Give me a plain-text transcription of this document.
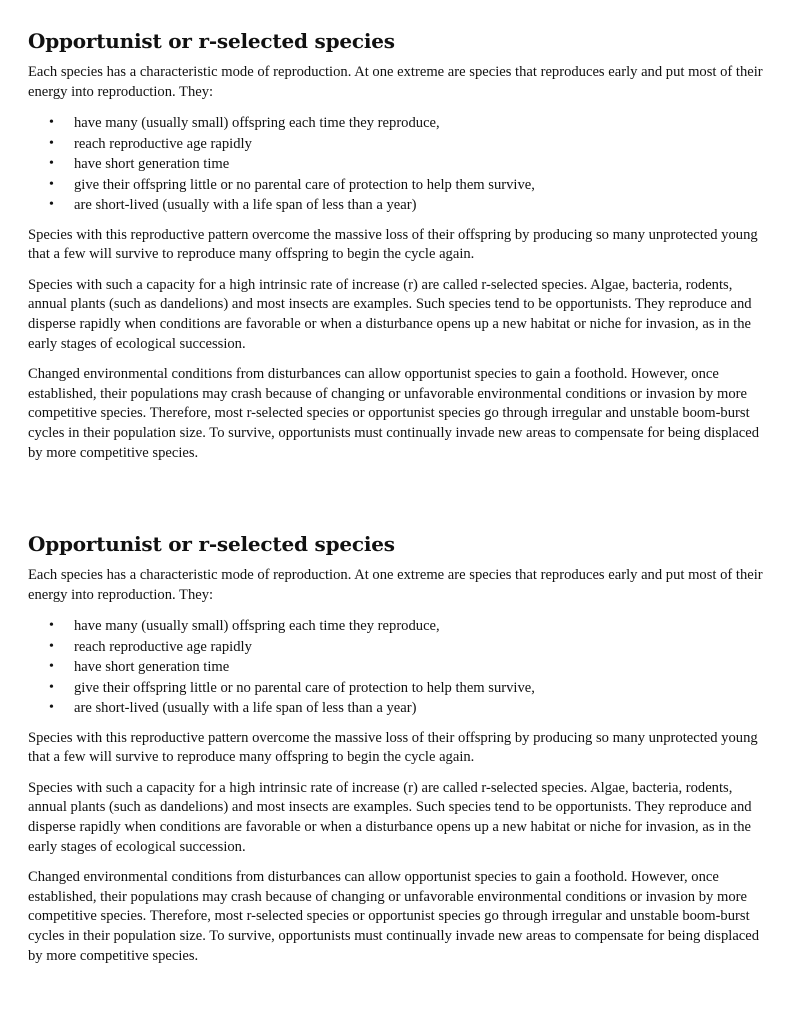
Opportunist or r-selected species

Each species has a characteristic mode of reproduction. At one extreme are species that reproduces early and put most of their energy into reproduction. They:

• have many (usually small) offspring each time they reproduce,
• reach reproductive age rapidly
• have short generation time
• give their offspring little or no parental care of protection to help them survive,
• are short-lived (usually with a life span of less than a year)

Species with this reproductive pattern overcome the massive loss of their offspring by producing so many unprotected young that a few will survive to reproduce many offspring to begin the cycle again.

Species with such a capacity for a high intrinsic rate of increase (r) are called r-selected species. Algae, bacteria, rodents, annual plants (such as dandelions) and most insects are examples. Such species tend to be opportunists. They reproduce and disperse rapidly when conditions are favorable or when a disturbance opens up a new habitat or niche for invasion, as in the early stages of ecological succession.

Changed environmental conditions from disturbances can allow opportunist species to gain a foothold. However, once established, their populations may crash because of changing or unfavorable environmental conditions or invasion by more competitive species. Therefore, most r-selected species or opportunist species go through irregular and unstable boom-burst cycles in their population size. To survive, opportunists must continually invade new areas to compensate for being displaced by more competitive species.

Opportunist or r-selected species

Each species has a characteristic mode of reproduction. At one extreme are species that reproduces early and put most of their energy into reproduction. They:

• have many (usually small) offspring each time they reproduce,
• reach reproductive age rapidly
• have short generation time
• give their offspring little or no parental care of protection to help them survive,
• are short-lived (usually with a life span of less than a year)

Species with this reproductive pattern overcome the massive loss of their offspring by producing so many unprotected young that a few will survive to reproduce many offspring to begin the cycle again.

Species with such a capacity for a high intrinsic rate of increase (r) are called r-selected species. Algae, bacteria, rodents, annual plants (such as dandelions) and most insects are examples. Such species tend to be opportunists. They reproduce and disperse rapidly when conditions are favorable or when a disturbance opens up a new habitat or niche for invasion, as in the early stages of ecological succession.

Changed environmental conditions from disturbances can allow opportunist species to gain a foothold. However, once established, their populations may crash because of changing or unfavorable environmental conditions or invasion by more competitive species. Therefore, most r-selected species or opportunist species go through irregular and unstable boom-burst cycles in their population size. To survive, opportunists must continually invade new areas to compensate for being displaced by more competitive species.
